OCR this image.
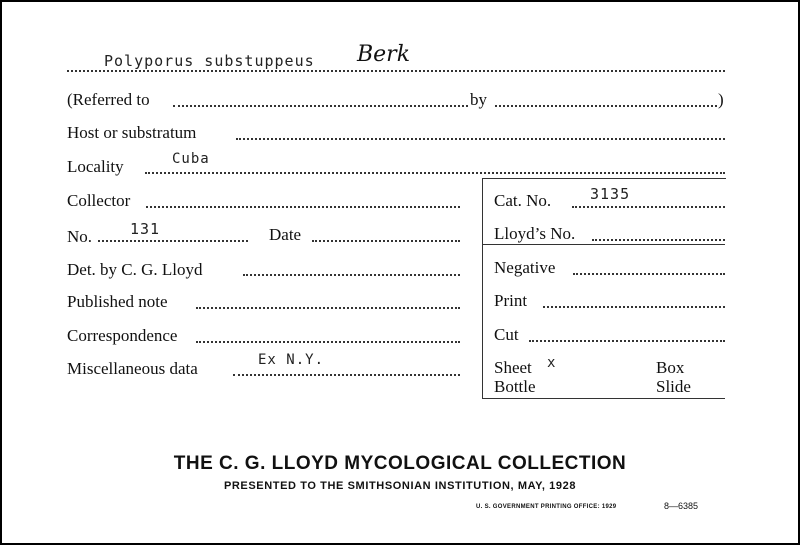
Polyporus substuppeus Berk
(Referred to	by	)
Host or substratum
Locality	Cuba
Collector
No.	131	Date
Det. by C. G. Lloyd
Published note
Correspondence
Miscellaneous data	Ex N.Y.
Cat. No.	3135
Lloyd’s No.
Negative
Print
Cut
Sheet x	Box
Bottle	Slide
THE C. G. LLOYD MYCOLOGICAL COLLECTION
PRESENTED TO THE SMITHSONIAN INSTITUTION, MAY, 1928
U. S. GOVERNMENT PRINTING OFFICE: 1929	8—6385
